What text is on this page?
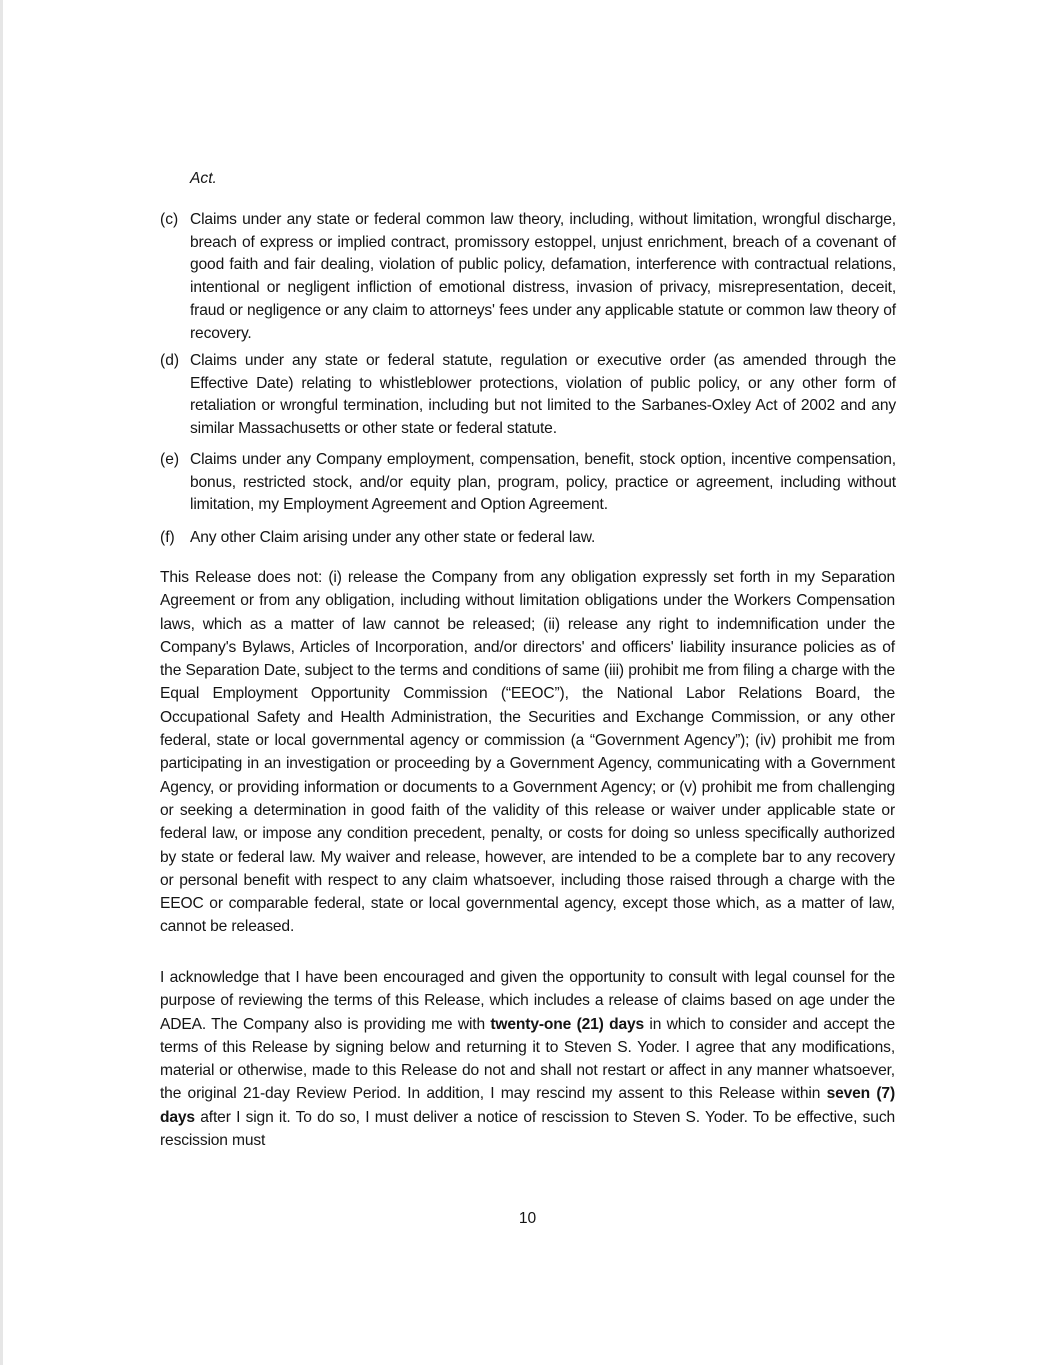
Act.
(c) Claims under any state or federal common law theory, including, without limitation, wrongful discharge, breach of express or implied contract, promissory estoppel, unjust enrichment, breach of a covenant of good faith and fair dealing, violation of public policy, defamation, interference with contractual relations, intentional or negligent infliction of emotional distress, invasion of privacy, misrepresentation, deceit, fraud or negligence or any claim to attorneys' fees under any applicable statute or common law theory of recovery.
(d) Claims under any state or federal statute, regulation or executive order (as amended through the Effective Date) relating to whistleblower protections, violation of public policy, or any other form of retaliation or wrongful termination, including but not limited to the Sarbanes-Oxley Act of 2002 and any similar Massachusetts or other state or federal statute.
(e) Claims under any Company employment, compensation, benefit, stock option, incentive compensation, bonus, restricted stock, and/or equity plan, program, policy, practice or agreement, including without limitation, my Employment Agreement and Option Agreement.
(f) Any other Claim arising under any other state or federal law.
This Release does not: (i) release the Company from any obligation expressly set forth in my Separation Agreement or from any obligation, including without limitation obligations under the Workers Compensation laws, which as a matter of law cannot be released; (ii) release any right to indemnification under the Company's Bylaws, Articles of Incorporation, and/or directors' and officers' liability insurance policies as of the Separation Date, subject to the terms and conditions of same (iii) prohibit me from filing a charge with the Equal Employment Opportunity Commission (“EEOC”), the National Labor Relations Board, the Occupational Safety and Health Administration, the Securities and Exchange Commission, or any other federal, state or local governmental agency or commission (a “Government Agency”); (iv) prohibit me from participating in an investigation or proceeding by a Government Agency, communicating with a Government Agency, or providing information or documents to a Government Agency; or (v) prohibit me from challenging or seeking a determination in good faith of the validity of this release or waiver under applicable state or federal law, or impose any condition precedent, penalty, or costs for doing so unless specifically authorized by state or federal law. My waiver and release, however, are intended to be a complete bar to any recovery or personal benefit with respect to any claim whatsoever, including those raised through a charge with the EEOC or comparable federal, state or local governmental agency, except those which, as a matter of law, cannot be released.
I acknowledge that I have been encouraged and given the opportunity to consult with legal counsel for the purpose of reviewing the terms of this Release, which includes a release of claims based on age under the ADEA. The Company also is providing me with twenty-one (21) days in which to consider and accept the terms of this Release by signing below and returning it to Steven S. Yoder. I agree that any modifications, material or otherwise, made to this Release do not and shall not restart or affect in any manner whatsoever, the original 21-day Review Period. In addition, I may rescind my assent to this Release within seven (7) days after I sign it. To do so, I must deliver a notice of rescission to Steven S. Yoder. To be effective, such rescission must
10
